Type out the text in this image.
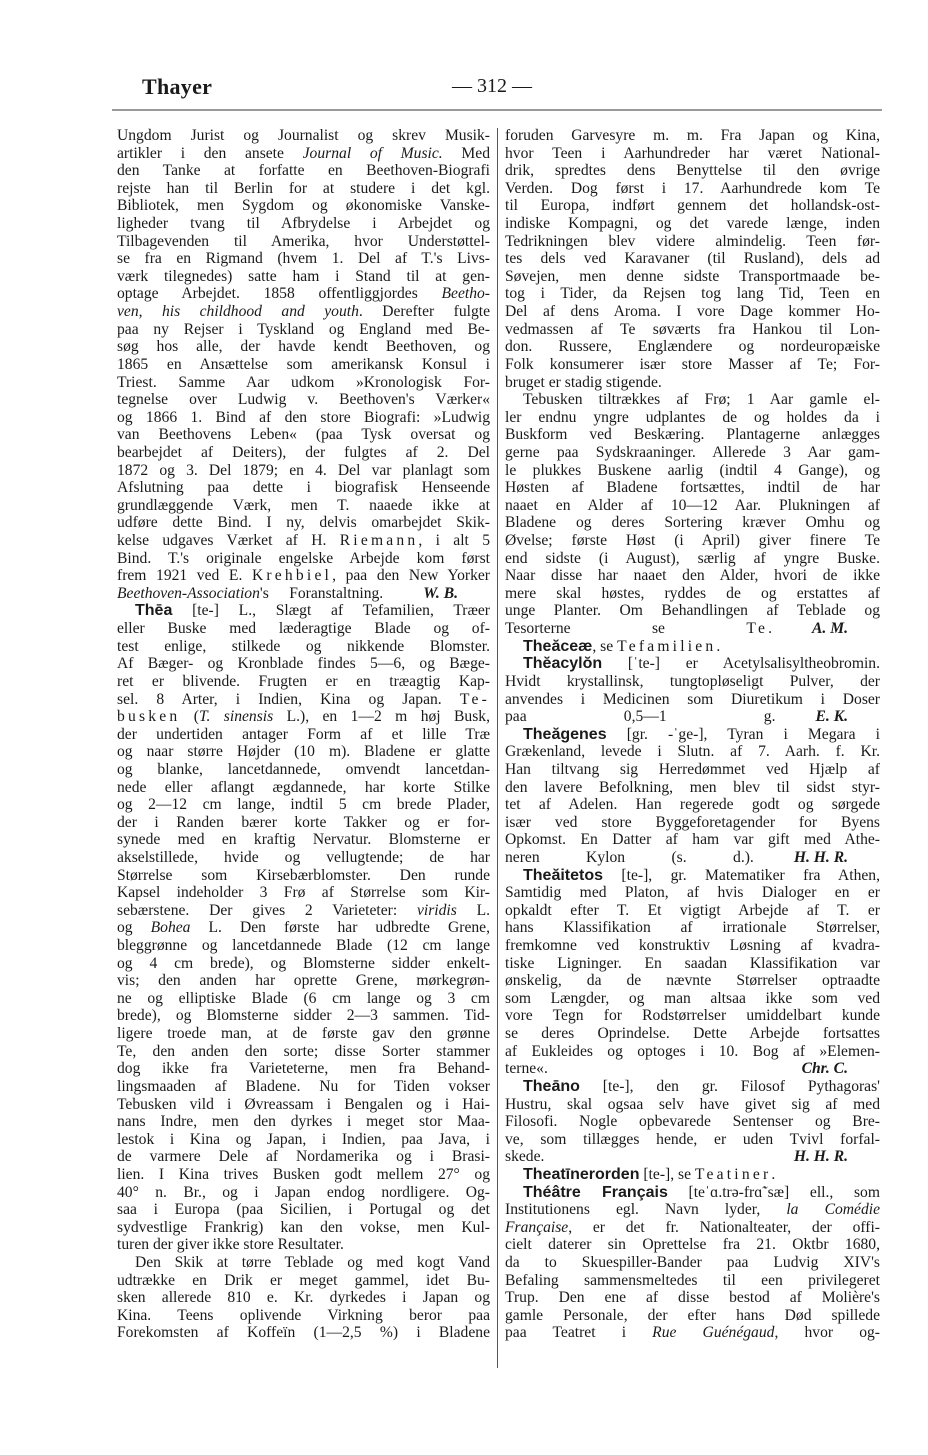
Thayer	— 312 —
Ungdom Jurist og Journalist og skrev Musik-
artikler i den ansete Journal of Music. Med
den Tanke at forfatte en Beethoven-Biografi
rejste han til Berlin for at studere i det kgl.
Bibliotek, men Sygdom og økonomiske Vanske-
ligheder tvang til Afbrydelse i Arbejdet og
Tilbagevenden til Amerika, hvor Understøttel-
se fra en Rigmand (hvem 1. Del af T.'s Livs-
værk tilegnedes) satte ham i Stand til at gen-
optage Arbejdet. 1858 offentliggjordes Beetho-
ven, his childhood and youth. Derefter fulgte
paa ny Rejser i Tyskland og England med Be-
søg hos alle, der havde kendt Beethoven, og
1865 en Ansættelse som amerikansk Konsul i
Triest. Samme Aar udkom »Kronologisk For-
tegnelse over Ludwig v. Beethoven's Værker«
og 1866 1. Bind af den store Biografi: »Ludwig
van Beethovens Leben« (paa Tysk oversat og
bearbejdet af Deiters), der fulgtes af 2. Del
1872 og 3. Del 1879; en 4. Del var planlagt som
Afslutning paa dette i biografisk Henseende
grundlæggende Værk, men T. naaede ikke at
udføre dette Bind. I ny, delvis omarbejdet Skik-
kelse udgaves Værket af H. Riemann, i alt 5
Bind. T.'s originale engelske Arbejde kom først
frem 1921 ved E. Krehbiel, paa den New Yorker
Beethoven-Association's Foranstaltning.	W. B.
Thēa [te-] L., Slægt af Tefamilien, Træer
eller Buske med læderagtige Blade og of-
test enlige, stilkede og nikkende Blomster.
Af Bæger- og Kronblade findes 5—6, og Bæge-
ret er blivende. Frugten er en træagtig Kap-
sel. 8 Arter, i Indien, Kina og Japan. Te-
busken (T. sinensis L.), en 1—2 m høj Busk,
der undertiden antager Form af et lille Træ
og naar større Højder (10 m). Bladene er glatte
og blanke, lancetdannede, omvendt lancetdan-
nede eller aflangt ægdannede, har korte Stilke
og 2—12 cm lange, indtil 5 cm brede Plader,
der i Randen bærer korte Takker og er for-
synede med en kraftig Nervatur. Blomsterne er
akselstillede, hvide og vellugtende; de har
Størrelse som Kirsebærblomster. Den runde
Kapsel indeholder 3 Frø af Størrelse som Kir-
sebærstene. Der gives 2 Varieteter: viridis L.
og Bohea L. Den første har udbredte Grene,
bleggrønne og lancetdannede Blade (12 cm lange
og 4 cm brede), og Blomsterne sidder enkelt-
vis; den anden har oprette Grene, mørkegrøn-
ne og elliptiske Blade (6 cm lange og 3 cm
brede), og Blomsterne sidder 2—3 sammen. Tid-
ligere troede man, at de første gav den grønne
Te, den anden den sorte; disse Sorter stammer
dog ikke fra Varieteterne, men fra Behand-
lingsmaaden af Bladene. Nu for Tiden vokser
Tebusken vild i Øvreassam i Bengalen og i Hai-
nans Indre, men den dyrkes i meget stor Maa-
lestok i Kina og Japan, i Indien, paa Java, i
de varmere Dele af Nordamerika og i Brasi-
lien. I Kina trives Busken godt mellem 27° og
40° n. Br., og i Japan endog nordligere. Og-
saa i Europa (paa Sicilien, i Portugal og det
sydvestlige Frankrig) kan den vokse, men Kul-
turen der giver ikke store Resultater.
Den Skik at tørre Teblade og med kogt Vand
udtrække en Drik er meget gammel, idet Bu-
sken allerede 810 e. Kr. dyrkedes i Japan og
Kina. Teens oplivende Virkning beror paa
Forekomsten af Koffeïn (1—2,5 %) i Bladene
foruden Garvesyre m. m. Fra Japan og Kina,
hvor Teen i Aarhundreder har været National-
drik, spredtes dens Benyttelse til den øvrige
Verden. Dog først i 17. Aarhundrede kom Te
til Europa, indført gennem det hollandsk-ost-
indiske Kompagni, og det varede længe, inden
Tedrikningen blev videre almindelig. Teen før-
tes dels ved Karavaner (til Rusland), dels ad
Søvejen, men denne sidste Transportmaade be-
tog i Tider, da Rejsen tog lang Tid, Teen en
Del af dens Aroma. I vore Dage kommer Ho-
vedmassen af Te søværts fra Hankou til Lon-
don. Russere, Englændere og nordeuropæiske
Folk konsumerer især store Masser af Te; For-
bruget er stadig stigende.
Tebusken tiltrækkes af Frø; 1 Aar gamle el-
ler endnu yngre udplantes de og holdes da i
Buskform ved Beskæring. Plantagerne anlægges
gerne paa Sydskraaninger. Allerede 3 Aar gam-
le plukkes Buskene aarlig (indtil 4 Gange), og
Høsten af Bladene fortsættes, indtil de har
naaet en Alder af 10—12 Aar. Plukningen af
Bladene og deres Sortering kræver Omhu og
Øvelse; første Høst (i April) giver finere Te
end sidste (i August), særlig af yngre Buske.
Naar disse har naaet den Alder, hvori de ikke
mere skal høstes, ryddes de og erstattes af
unge Planter. Om Behandlingen af Teblade og
Tesorterne se Te.	A. M.
Theăceæ, se Tefamilien.
Thĕacylŏn [ˈte-] er Acetylsalisyltheobromin.
Hvidt krystallinsk, tungtopløseligt Pulver, der
anvendes i Medicinen som Diuretikum i Doser
paa 0,5—1 g.	E. K.
Theăgenes [gr. -ˈge-], Tyran i Megara i
Grækenland, levede i Slutn. af 7. Aarh. f. Kr.
Han tiltvang sig Herredømmet ved Hjælp af
den lavere Befolkning, men blev til sidst styr-
tet af Adelen. Han regerede godt og sørgede
især ved store Byggeforetagender for Byens
Opkomst. En Datter af ham var gift med Athe-
neren Kylon (s. d.).	H. H. R.
Theăitetos [te-], gr. Matematiker fra Athen,
Samtidig med Platon, af hvis Dialoger en er
opkaldt efter T. Et vigtigt Arbejde af T. er
hans Klassifikation af irrationale Størrelser,
fremkomne ved konstruktiv Løsning af kvadra-
tiske Ligninger. En saadan Klassifikation var
ønskelig, da de nævnte Størrelser optraadte
som Længder, og man altsaa ikke som ved
vore Tegn for Rodstørrelser umiddelbart kunde
se deres Oprindelse. Dette Arbejde fortsattes
af Eukleides og optoges i 10. Bog af »Elemen-
terne«.	Chr. C.
Theāno [te-], den gr. Filosof Pythagoras'
Hustru, skal ogsaa selv have givet sig af med
Filosofi. Nogle opbevarede Sentenser og Bre-
ve, som tillægges hende, er uden Tvivl forfal-
skede.	H. H. R.
Theatīnerorden [te-], se Teatiner.
Théâtre Français [teˈɑ.trə-frɑ̃ˈsæ] ell., som
Institutionens egl. Navn lyder, la Comédie
Française, er det fr. Nationalteater, der offi-
cielt daterer sin Oprettelse fra 21. Oktbr 1680,
da to Skuespiller-Bander paa Ludvig XIV's
Befaling sammensmeltedes til een privilegeret
Trup. Den ene af disse bestod af Molière's
gamle Personale, der efter hans Død spillede
paa Teatret i Rue Guénégaud, hvor og-
